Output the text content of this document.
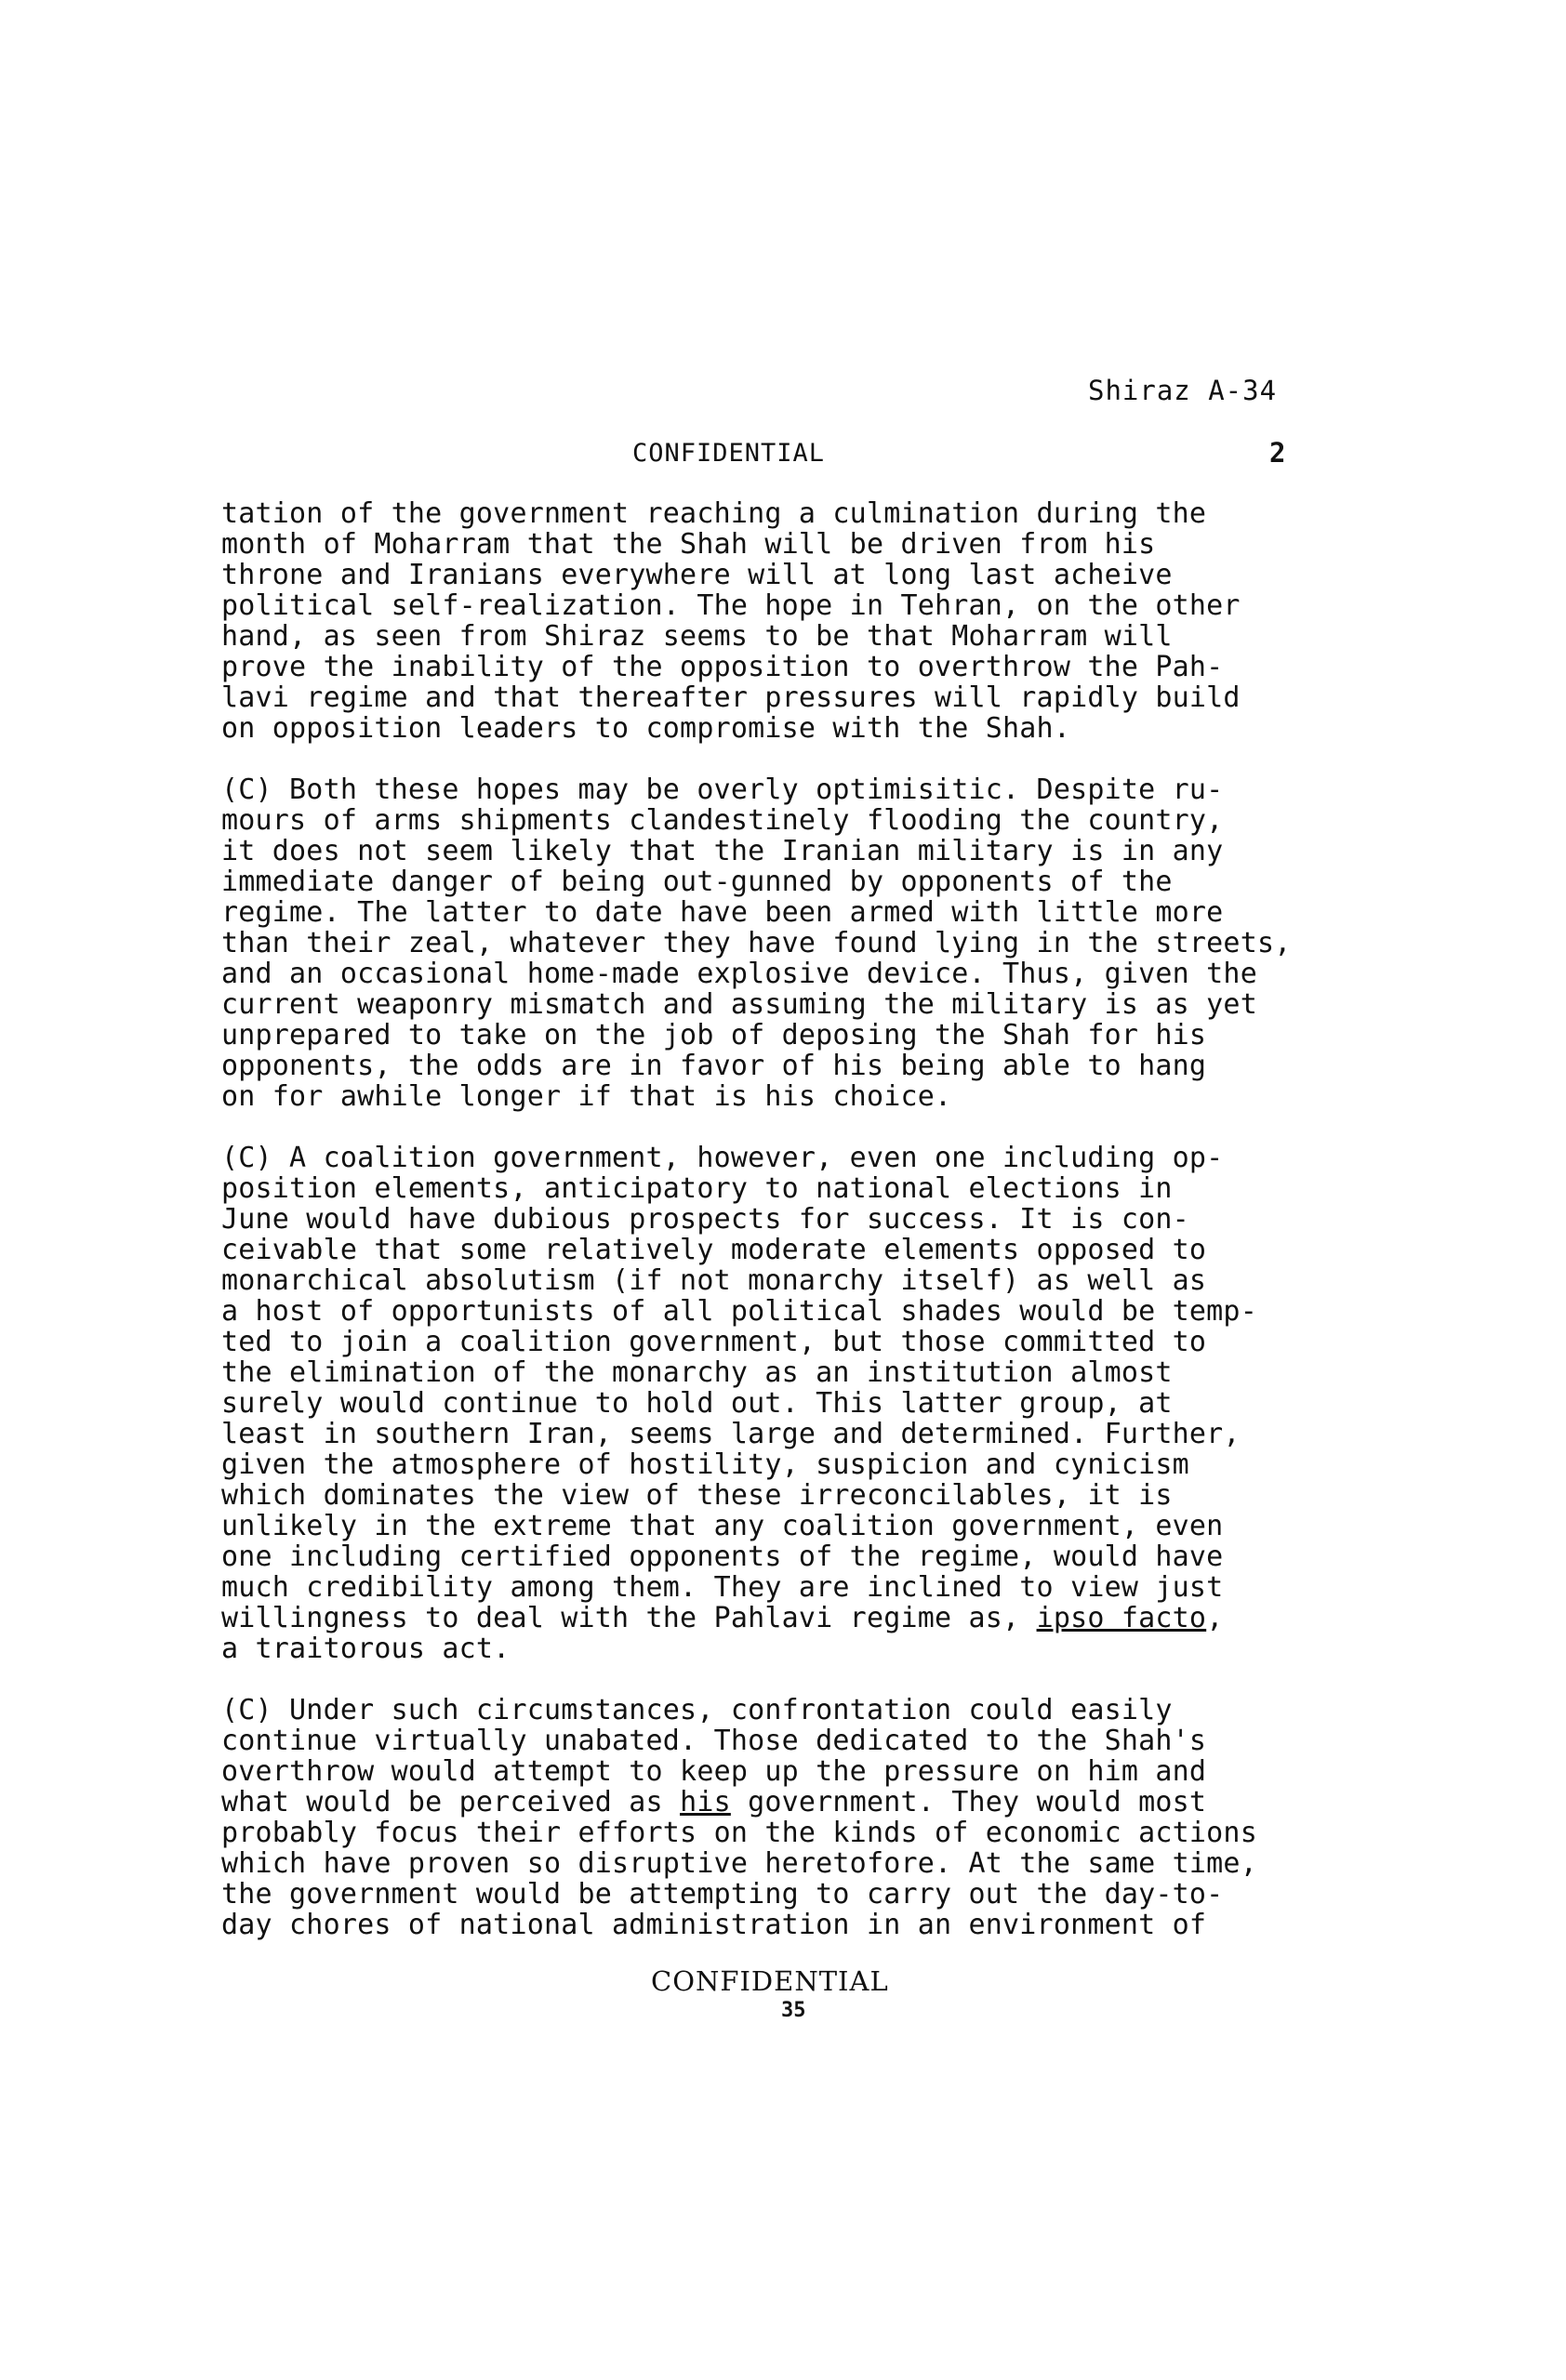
Shiraz A-34
CONFIDENTIAL	2
tation of the government reaching a culmination during the
month of Moharram that the Shah will be driven from his
throne and Iranians everywhere will at long last acheive
political self-realization. The hope in Tehran, on the other
hand, as seen from Shiraz seems to be that Moharram will
prove the inability of the opposition to overthrow the Pah-
lavi regime and that thereafter pressures will rapidly build
on opposition leaders to compromise with the Shah.
(C) Both these hopes may be overly optimisitic. Despite ru-
mours of arms shipments clandestinely flooding the country,
it does not seem likely that the Iranian military is in any
immediate danger of being out-gunned by opponents of the
regime. The latter to date have been armed with little more
than their zeal, whatever they have found lying in the streets,
and an occasional home-made explosive device. Thus, given the
current weaponry mismatch and assuming the military is as yet
unprepared to take on the job of deposing the Shah for his
opponents, the odds are in favor of his being able to hang
on for awhile longer if that is his choice.
(C) A coalition government, however, even one including op-
position elements, anticipatory to national elections in
June would have dubious prospects for success. It is con-
ceivable that some relatively moderate elements opposed to
monarchical absolutism (if not monarchy itself) as well as
a host of opportunists of all political shades would be temp-
ted to join a coalition government, but those committed to
the elimination of the monarchy as an institution almost
surely would continue to hold out. This latter group, at
least in southern Iran, seems large and determined. Further,
given the atmosphere of hostility, suspicion and cynicism
which dominates the view of these irreconcilables, it is
unlikely in the extreme that any coalition government, even
one including certified opponents of the regime, would have
much credibility among them. They are inclined to view just
willingness to deal with the Pahlavi regime as, ipso facto,
a traitorous act.
(C) Under such circumstances, confrontation could easily
continue virtually unabated. Those dedicated to the Shah's
overthrow would attempt to keep up the pressure on him and
what would be perceived as his government. They would most
probably focus their efforts on the kinds of economic actions
which have proven so disruptive heretofore. At the same time,
the government would be attempting to carry out the day-to-
day chores of national administration in an environment of
CONFIDENTIAL
35
